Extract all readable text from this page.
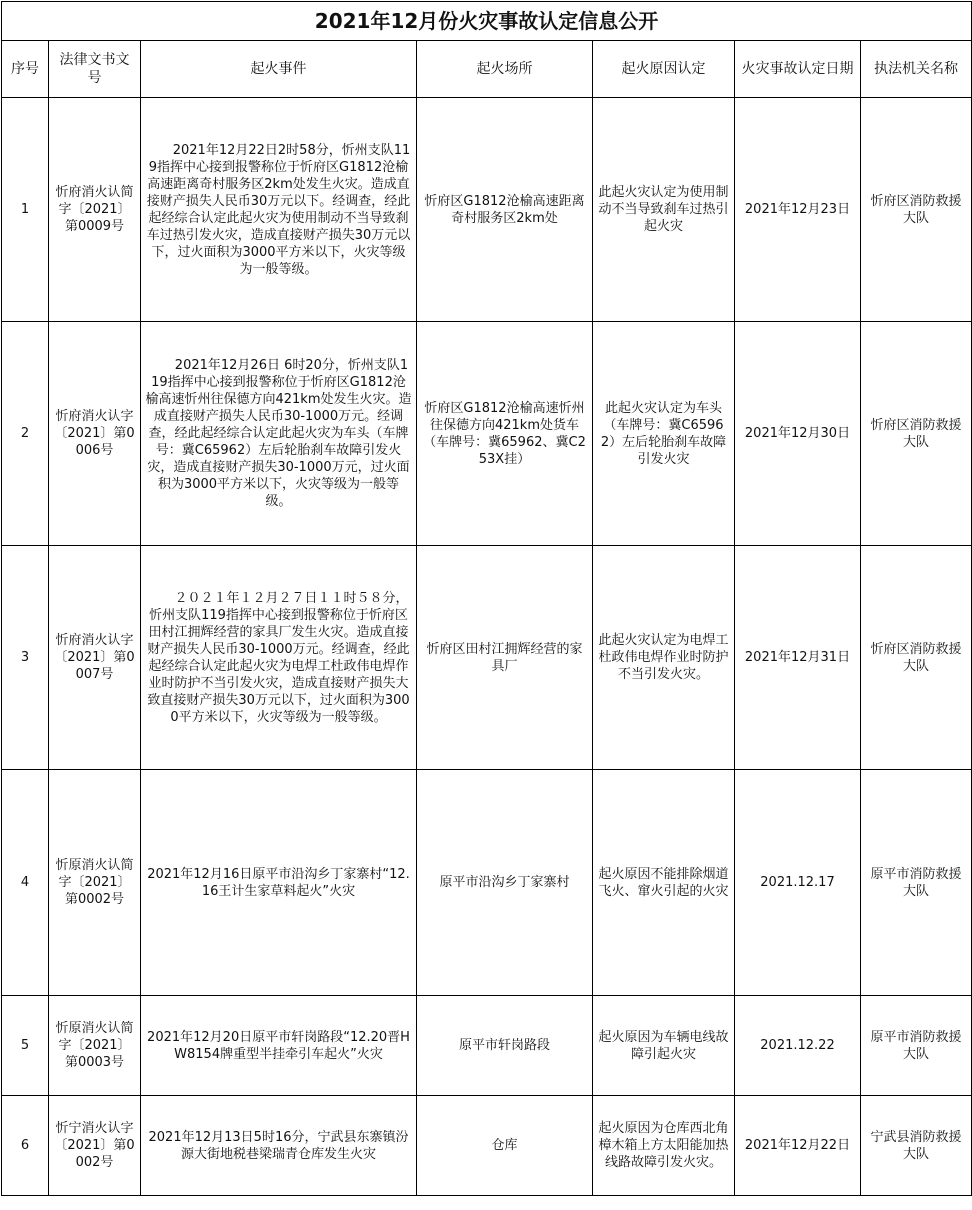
2021年12月份火灾事故认定信息公开						
序号	法律文书文号	起火事件	起火场所	起火原因认定	火灾事故认定日期	执法机关名称
1	忻府消火认简字〔2021〕第0009号	2021年12月22日2时58分，忻州支队119指挥中心接到报警称位于忻府区G1812沧榆高速距离奇村服务区2km处发生火灾。造成直接财产损失人民币30万元以下。经调查，经此起经综合认定此起火灾为使用制动不当导致刹车过热引发火灾，造成直接财产损失30万元以下，过火面积为3000平方米以下，火灾等级为一般等级。	忻府区G1812沧榆高速距离奇村服务区2km处	此起火灾认定为使用制动不当导致刹车过热引起火灾	2021年12月23日	忻府区消防救援大队
2	忻府消火认字〔2021〕第0006号	2021年12月26日 6时20分，忻州支队119指挥中心接到报警称位于忻府区G1812沧榆高速忻州往保德方向421km处发生火灾。造成直接财产损失人民币30-1000万元。经调查，经此起经综合认定此起火灾为车头（车牌号：冀C65962）左后轮胎刹车故障引发火灾，造成直接财产损失30-1000万元，过火面积为3000平方米以下，火灾等级为一般等级。	忻府区G1812沧榆高速忻州往保德方向421km处货车（车牌号：冀65962、冀C253X挂）	此起火灾认定为车头（车牌号：冀C65962）左后轮胎刹车故障引发火灾	2021年12月30日	忻府区消防救援大队
3	忻府消火认字〔2021〕第0007号	２０２１年１２月２７日１１时５８分，忻州支队119指挥中心接到报警称位于忻府区田村江拥辉经营的家具厂发生火灾。造成直接财产损失人民币30-1000万元。经调查，经此起经综合认定此起火灾为电焊工杜政伟电焊作业时防护不当引发火灾，造成直接财产损失大致直接财产损失30万元以下，过火面积为3000平方米以下，火灾等级为一般等级。	忻府区田村江拥辉经营的家具厂	此起火灾认定为电焊工杜政伟电焊作业时防护不当引发火灾。	2021年12月31日	忻府区消防救援大队
4	忻原消火认简字〔2021〕第0002号	2021年12月16日原平市沿沟乡丁家寨村“12.16王计生家草料起火”火灾	原平市沿沟乡丁家寨村	起火原因不能排除烟道飞火、窜火引起的火灾	2021.12.17	原平市消防救援大队
5	忻原消火认简字〔2021〕第0003号	2021年12月20日原平市轩岗路段“12.20晋HW8154牌重型半挂牵引车起火”火灾	原平市轩岗路段	起火原因为车辆电线故障引起火灾	2021.12.22	原平市消防救援大队
6	忻宁消火认字〔2021〕第0002号	2021年12月13日5时16分，宁武县东寨镇汾源大街地税巷梁瑞青仓库发生火灾	仓库	起火原因为仓库西北角樟木箱上方太阳能加热线路故障引发火灾。	2021年12月22日	宁武县消防救援大队
